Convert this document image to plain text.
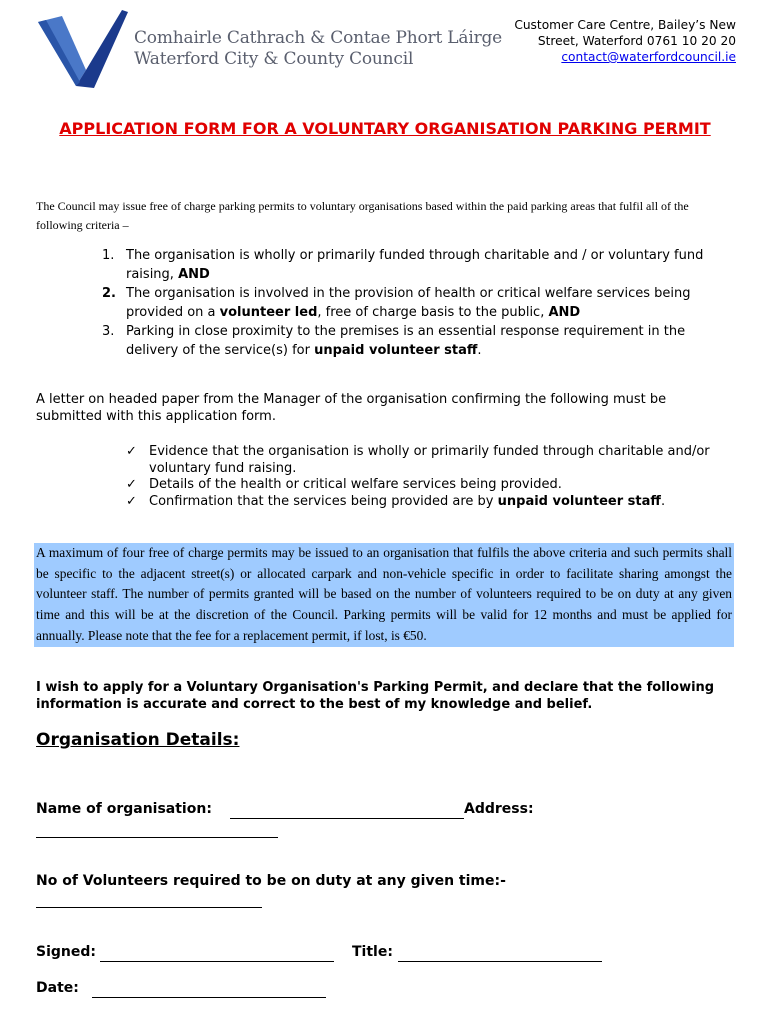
Comhairle Cathrach & Contae Phort Láirge
Waterford City & County Council
Customer Care Centre, Bailey’s New
Street, Waterford 0761 10 20 20
contact@waterfordcouncil.ie
APPLICATION FORM FOR A VOLUNTARY ORGANISATION PARKING PERMIT
The Council may issue free of charge parking permits to voluntary organisations based within the paid parking areas that fulfil all of the following criteria –
1. The organisation is wholly or primarily funded through charitable and / or voluntary fund raising, AND
2. The organisation is involved in the provision of health or critical welfare services being provided on a volunteer led, free of charge basis to the public, AND
3. Parking in close proximity to the premises is an essential response requirement in the delivery of the service(s) for unpaid volunteer staff.
A letter on headed paper from the Manager of the organisation confirming the following must be submitted with this application form.
✓ Evidence that the organisation is wholly or primarily funded through charitable and/or voluntary fund raising.
✓ Details of the health or critical welfare services being provided.
✓ Confirmation that the services being provided are by unpaid volunteer staff.
A maximum of four free of charge permits may be issued to an organisation that fulfils the above criteria and such permits shall be specific to the adjacent street(s) or allocated carpark and non-vehicle specific in order to facilitate sharing amongst the volunteer staff. The number of permits granted will be based on the number of volunteers required to be on duty at any given time and this will be at the discretion of the Council. Parking permits will be valid for 12 months and must be applied for annually. Please note that the fee for a replacement permit, if lost, is €50.
I wish to apply for a Voluntary Organisation's Parking Permit, and declare that the following information is accurate and correct to the best of my knowledge and belief.
Organisation Details:
Name of organisation:	Address:
No of Volunteers required to be on duty at any given time:-
Signed:	Title:
Date:
